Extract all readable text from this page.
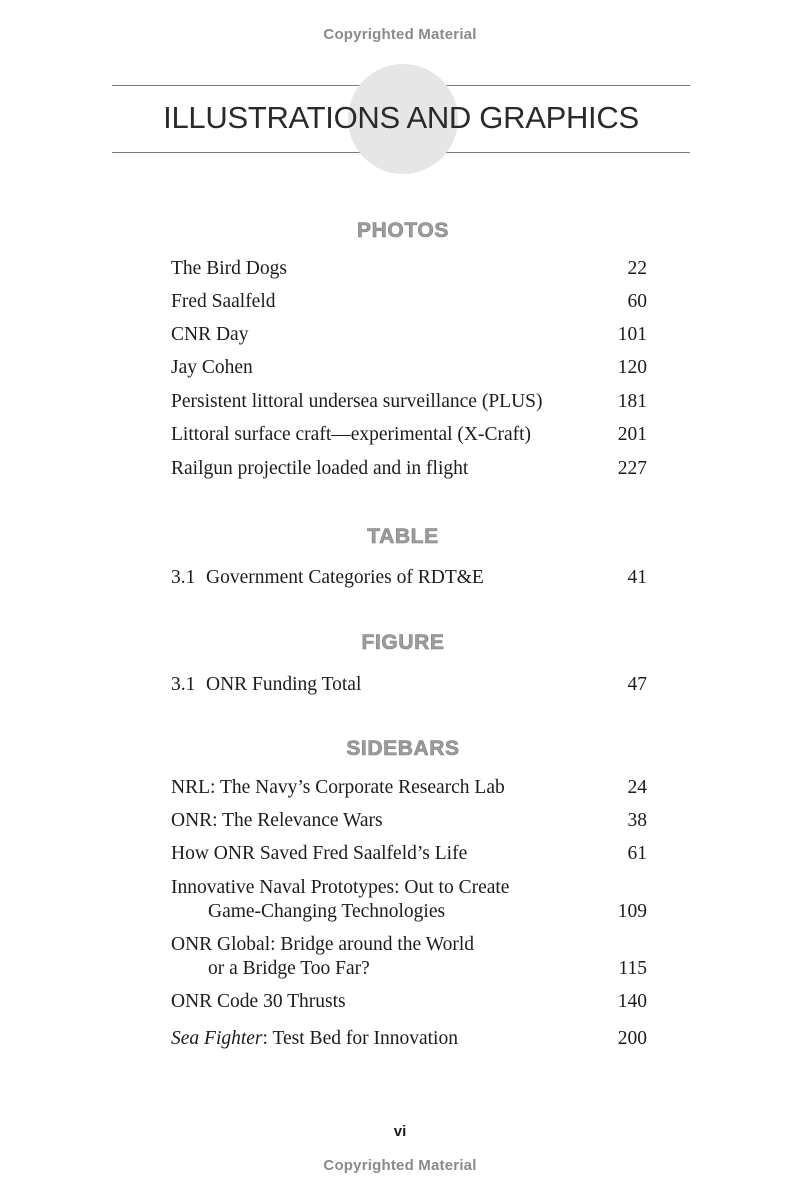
Copyrighted Material
ILLUSTRATIONS AND GRAPHICS
PHOTOS
The Bird Dogs	22
Fred Saalfeld	60
CNR Day	101
Jay Cohen	120
Persistent littoral undersea surveillance (PLUS)	181
Littoral surface craft—experimental (X-Craft)	201
Railgun projectile loaded and in flight	227
TABLE
3.1 Government Categories of RDT&E	41
FIGURE
3.1 ONR Funding Total	47
SIDEBARS
NRL: The Navy’s Corporate Research Lab	24
ONR: The Relevance Wars	38
How ONR Saved Fred Saalfeld’s Life	61
Innovative Naval Prototypes: Out to Create
Game-Changing Technologies	109
ONR Global: Bridge around the World
or a Bridge Too Far?	115
ONR Code 30 Thrusts	140
Sea Fighter: Test Bed for Innovation	200
vi
Copyrighted Material
